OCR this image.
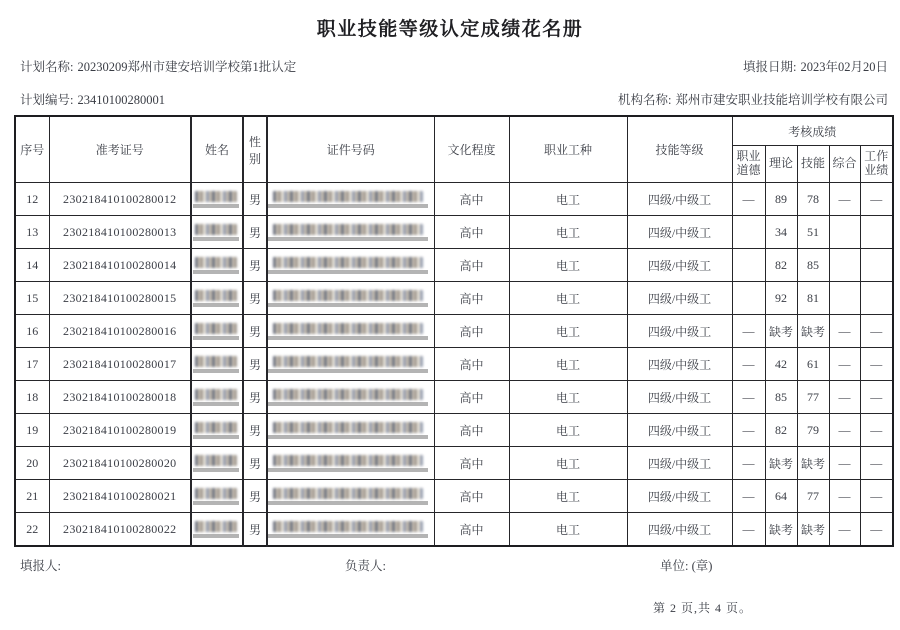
职业技能等级认定成绩花名册
计划名称: 20230209郑州市建安培训学校第1批认定	填报日期: 2023年02月20日
计划编号: 23410100280001	机构名称: 郑州市建安职业技能培训学校有限公司
序号	准考证号	姓名	性别	证件号码	文化程度	职业工种	技能等级	考核成绩				
								职业道德	理论	技能	综合	工作业绩
12	230218410100280012		男		高中	电工	四级/中级工	—	89	78	—	—
13	230218410100280013		男		高中	电工	四级/中级工		34	51		
14	230218410100280014		男		高中	电工	四级/中级工		82	85		
15	230218410100280015		男		高中	电工	四级/中级工		92	81		
16	230218410100280016		男		高中	电工	四级/中级工	—	缺考	缺考	—	—
17	230218410100280017		男		高中	电工	四级/中级工	—	42	61	—	—
18	230218410100280018		男		高中	电工	四级/中级工	—	85	77	—	—
19	230218410100280019		男		高中	电工	四级/中级工	—	82	79	—	—
20	230218410100280020		男		高中	电工	四级/中级工	—	缺考	缺考	—	—
21	230218410100280021		男		高中	电工	四级/中级工	—	64	77	—	—
22	230218410100280022		男		高中	电工	四级/中级工	—	缺考	缺考	—	—
填报人:	负责人:	单位: (章)
第 2 页,共 4 页。
